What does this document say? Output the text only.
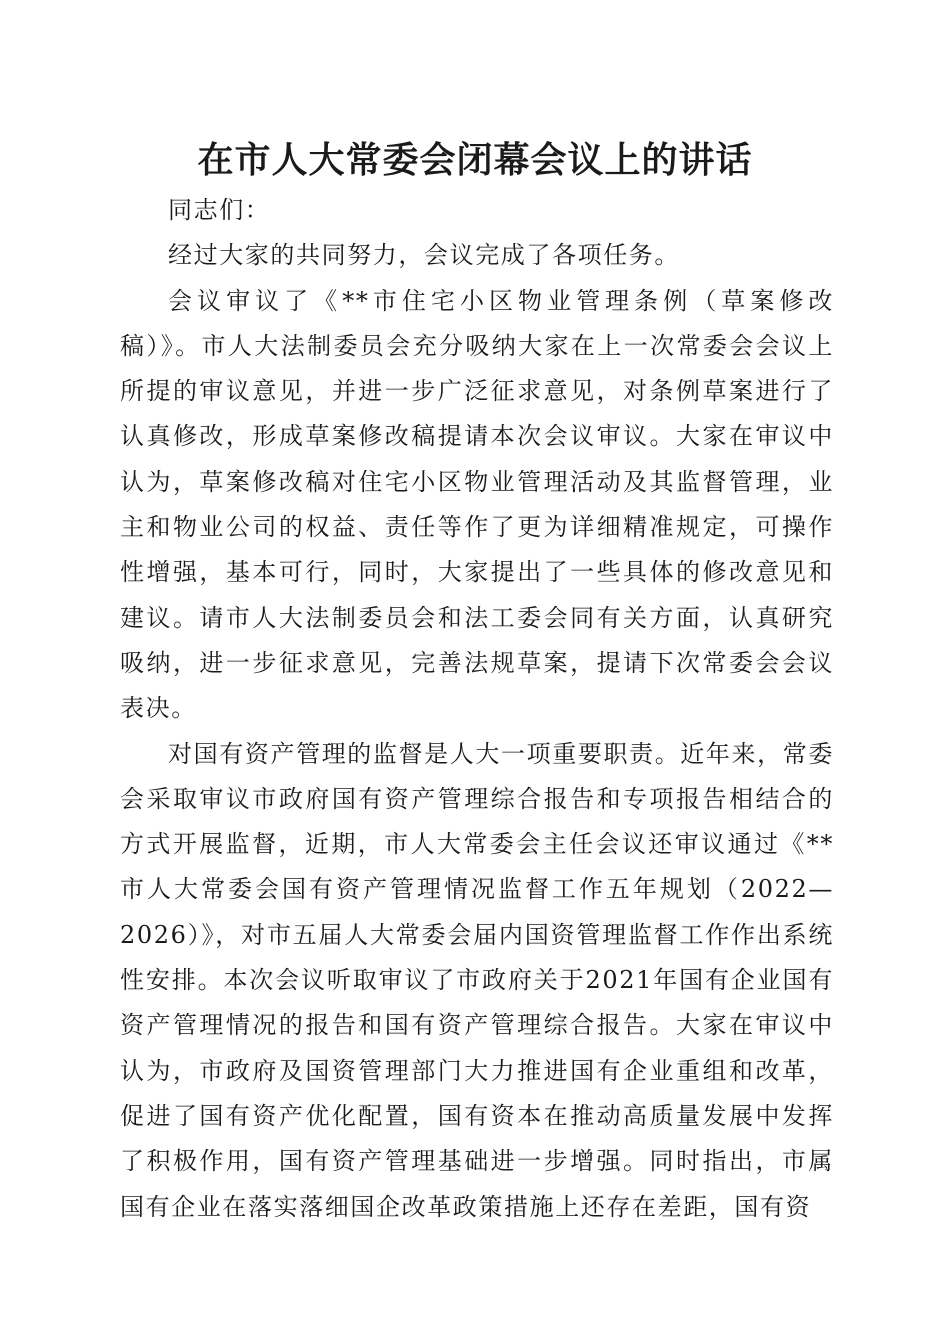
在市人大常委会闭幕会议上的讲话

同志们：

经过大家的共同努力，会议完成了各项任务。

会议审议了《**市住宅小区物业管理条例（草案修改稿）》。市人大法制委员会充分吸纳大家在上一次常委会会议上所提的审议意见，并进一步广泛征求意见，对条例草案进行了认真修改，形成草案修改稿提请本次会议审议。大家在审议中认为，草案修改稿对住宅小区物业管理活动及其监督管理，业主和物业公司的权益、责任等作了更为详细精准规定，可操作性增强，基本可行，同时，大家提出了一些具体的修改意见和建议。请市人大法制委员会和法工委会同有关方面，认真研究吸纳，进一步征求意见，完善法规草案，提请下次常委会会议表决。

对国有资产管理的监督是人大一项重要职责。近年来，常委会采取审议市政府国有资产管理综合报告和专项报告相结合的方式开展监督，近期，市人大常委会主任会议还审议通过《**市人大常委会国有资产管理情况监督工作五年规划（2022—2026）》，对市五届人大常委会届内国资管理监督工作作出系统性安排。本次会议听取审议了市政府关于2021年国有企业国有资产管理情况的报告和国有资产管理综合报告。大家在审议中认为，市政府及国资管理部门大力推进国有企业重组和改革，促进了国有资产优化配置，国有资本在推动高质量发展中发挥了积极作用，国有资产管理基础进一步增强。同时指出，市属国有企业在落实落细国企改革政策措施上还存在差距，国有资
